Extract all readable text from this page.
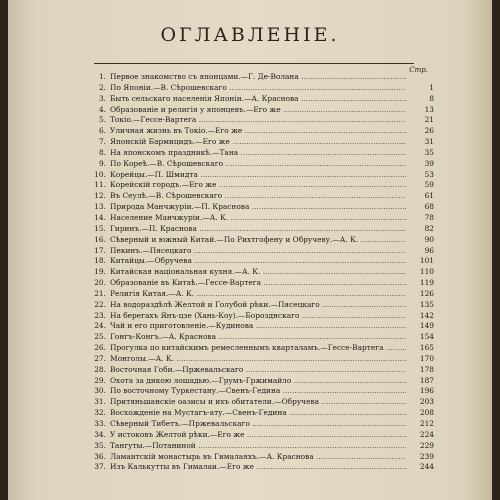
ОГЛАВЛЕНІЕ.
Стр.
1. Первое знакомство съ японцами.—Г. Де-Волана .....
2. По Японіи.—В. Сѣрошевскаго .....	1
3. Быть сельскаго населенія Японіи.—А. Краснова .....	8
4. Образованіе и религія у японцевъ.—Его же .....	13
5. Токіо.—Гессе-Вартега .....	21
6. Уличная жизнь въ Токіо.—Его же .....	26
7. Японскій Бармицидъ.—Его же .....	31
8. На японскомъ праздникѣ.—Тана .....	35
9. По Кореѣ.—В. Сѣрошевскаго .....	39
10. Корейцы.—П. Шмидта .....	53
11. Корейскій городъ.—Его же .....	59
12. Въ Сеулѣ.—В. Сѣрошевскаго .....	61
13. Природа Манчжуріи.—П. Краснова .....	68
14. Население Манчжуріи.—А. К. .....	78
15. Гиринъ.—П. Краснова .....	82
16. Сѣверный и южный Китай.—По Рихтгофену и Обручеву.—А. К. .....	90
17. Пекинъ.—Пясецкаго .....	96
18. Китайцы.—Обручева .....	101
19. Китайская національная кухня.—А. К. .....	110
20. Образованіе въ Китаѣ.—Гессе-Вартега .....	119
21. Религія Китая.—А. К. .....	126
22. На водораздѣлѣ Желтой и Голубой рѣки.—Пясецкаго .....	135
23. На берегахъ Янъ-цзе (Хань-Коу).—Борозднскаго .....	142
24. Чай и его приготовленіе.—Кудинова .....	149
25. Гонгъ-Конгъ.—А. Краснова .....	154
26. Прогулка по китайскимъ ремесленнымъ кварталамъ.—Гессе-Вартега .....	165
27. Монголы.—А. К. .....	170
28. Восточная Гоби.—Пржевальскаго .....	178
29. Охота за дикою лошадью.—Грумъ-Гржимайло .....	187
30. По восточному Туркестану.—Свенъ-Гедина .....	196
31. Притяньшанскіе оазисы и ихъ обитатели.—Обручева .....	203
32. Восхожденіе на Мустагъ-ату.—Свенъ-Гедина .....	208
33. Сѣверный Тибетъ.—Пржевальскаго .....	212
34. У истоковъ Желтой рѣки.—Его же .....	224
35. Тангуты.—Потаниной .....	229
36. Ламаитскій монастырь въ Гималаяхъ.—А. Краснова .....	239
37. Изъ Калькутты въ Гималаи.—Его же .....	244
